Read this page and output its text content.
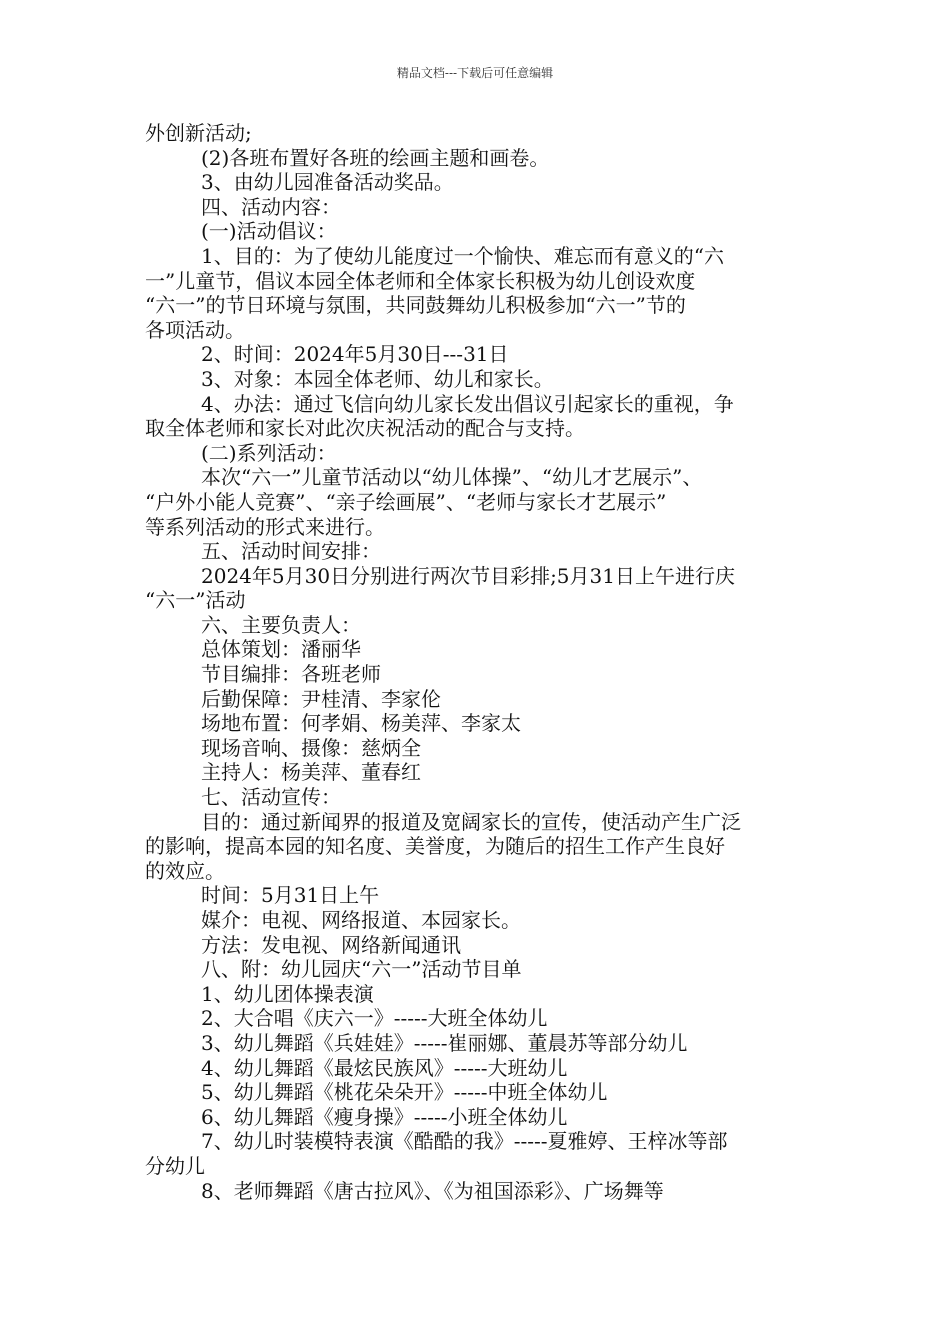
精品文档---下载后可任意编辑
外创新活动;
(2)各班布置好各班的绘画主题和画卷。
3、由幼儿园准备活动奖品。
四、活动内容：
(一)活动倡议：
1、目的：为了使幼儿能度过一个愉快、难忘而有意义的“六
一”儿童节，倡议本园全体老师和全体家长积极为幼儿创设欢度
“六一”的节日环境与氛围，共同鼓舞幼儿积极参加“六一”节的
各项活动。
2、时间：2024年5月30日---31日
3、对象：本园全体老师、幼儿和家长。
4、办法：通过飞信向幼儿家长发出倡议引起家长的重视，争
取全体老师和家长对此次庆祝活动的配合与支持。
(二)系列活动：
本次“六一”儿童节活动以“幼儿体操”、“幼儿才艺展示”、
“户外小能人竞赛”、“亲子绘画展”、“老师与家长才艺展示”
等系列活动的形式来进行。
五、活动时间安排：
2024年5月30日分别进行两次节目彩排;5月31日上午进行庆
“六一”活动
六、主要负责人：
总体策划：潘丽华
节目编排：各班老师
后勤保障：尹桂清、李家伦
场地布置：何孝娟、杨美萍、李家太
现场音响、摄像：慈炳全
主持人：杨美萍、董春红
七、活动宣传：
目的：通过新闻界的报道及宽阔家长的宣传，使活动产生广泛
的影响，提高本园的知名度、美誉度，为随后的招生工作产生良好
的效应。
时间：5月31日上午
媒介：电视、网络报道、本园家长。
方法：发电视、网络新闻通讯
八、附：幼儿园庆“六一”活动节目单
1、幼儿团体操表演
2、大合唱《庆六一》-----大班全体幼儿
3、幼儿舞蹈《兵娃娃》-----崔丽娜、董晨苏等部分幼儿
4、幼儿舞蹈《最炫民族风》-----大班幼儿
5、幼儿舞蹈《桃花朵朵开》-----中班全体幼儿
6、幼儿舞蹈《瘦身操》-----小班全体幼儿
7、幼儿时装模特表演《酷酷的我》-----夏雅婷、王梓冰等部
分幼儿
8、老师舞蹈《唐古拉风》、《为祖国添彩》、广场舞等
